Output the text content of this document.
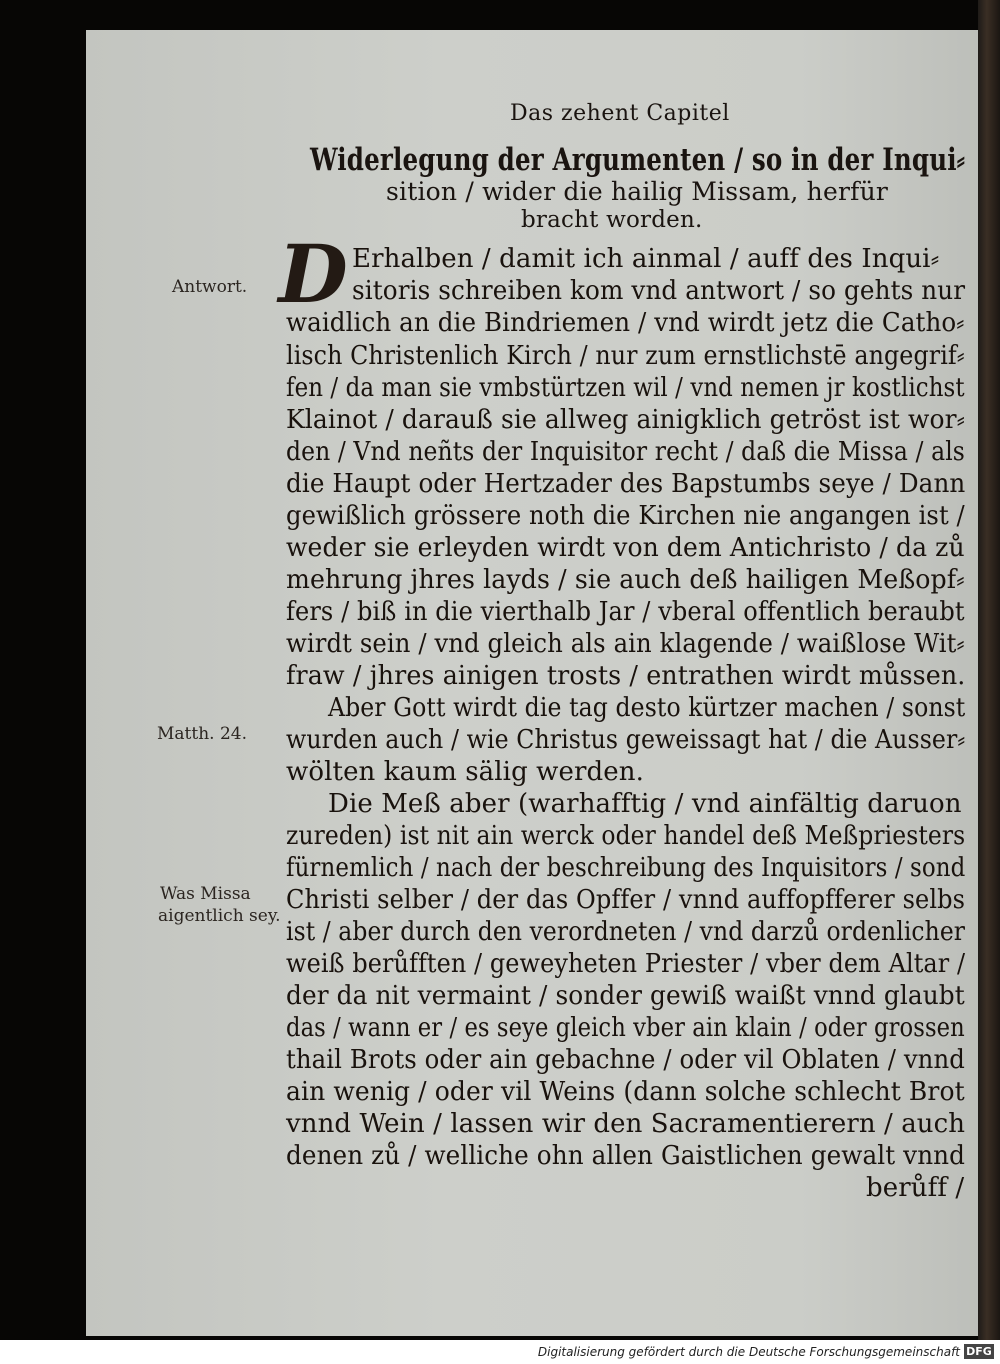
Das zehent Capitel
Widerlegung der Argumenten / so in der Inqui⸗
sition / wider die hailig Missam, herfür
bracht worden.
D
Antwort.
Matth. 24.
Was Missa
aigentlich sey.
Erhalben / damit ich ainmal / auff des Inqui⸗
sitoris schreiben kom vnd antwort / so gehts nur
waidlich an die Bindriemen / vnd wirdt jetz die Catho⸗
lisch Christenlich Kirch / nur zum ernstlichstē angegrif⸗
fen / da man sie vmbstürtzen wil / vnd nemen jr kostlichst
Klainot / darauß sie allweg ainigklich getröst ist wor⸗
den / Vnd neñts der Inquisitor recht / daß die Missa / als
die Haupt oder Hertzader des Bapstumbs seye / Dann
gewißlich grössere noth die Kirchen nie angangen ist /
weder sie erleyden wirdt von dem Antichristo / da zů
mehrung jhres layds / sie auch deß hailigen Meßopf⸗
fers / biß in die vierthalb Jar / vberal offentlich beraubt
wirdt sein / vnd gleich als ain klagende / waißlose Wit⸗
fraw / jhres ainigen trosts / entrathen wirdt můssen.
Aber Gott wirdt die tag desto kürtzer machen / sonst
wurden auch / wie Christus geweissagt hat / die Ausser⸗
wölten kaum sälig werden.
Die Meß aber (warhafftig / vnd ainfältig daruon
zureden) ist nit ain werck oder handel deß Meßpriesters
fürnemlich / nach der beschreibung des Inquisitors / sond
Christi selber / der das Opffer / vnnd auffopfferer selbs
ist / aber durch den verordneten / vnd darzů ordenlicher
weiß berůfften / geweyheten Priester / vber dem Altar /
der da nit vermaint / sonder gewiß waißt vnnd glaubt
das / wann er / es seye gleich vber ain klain / oder grossen
thail Brots oder ain gebachne / oder vil Oblaten / vnnd
ain wenig / oder vil Weins (dann solche schlecht Brot
vnnd Wein / lassen wir den Sacramentierern / auch
denen zů / welliche ohn allen Gaistlichen gewalt vnnd
berůff /
Digitalisierung gefördert durch die Deutsche Forschungsgemeinschaft DFG
